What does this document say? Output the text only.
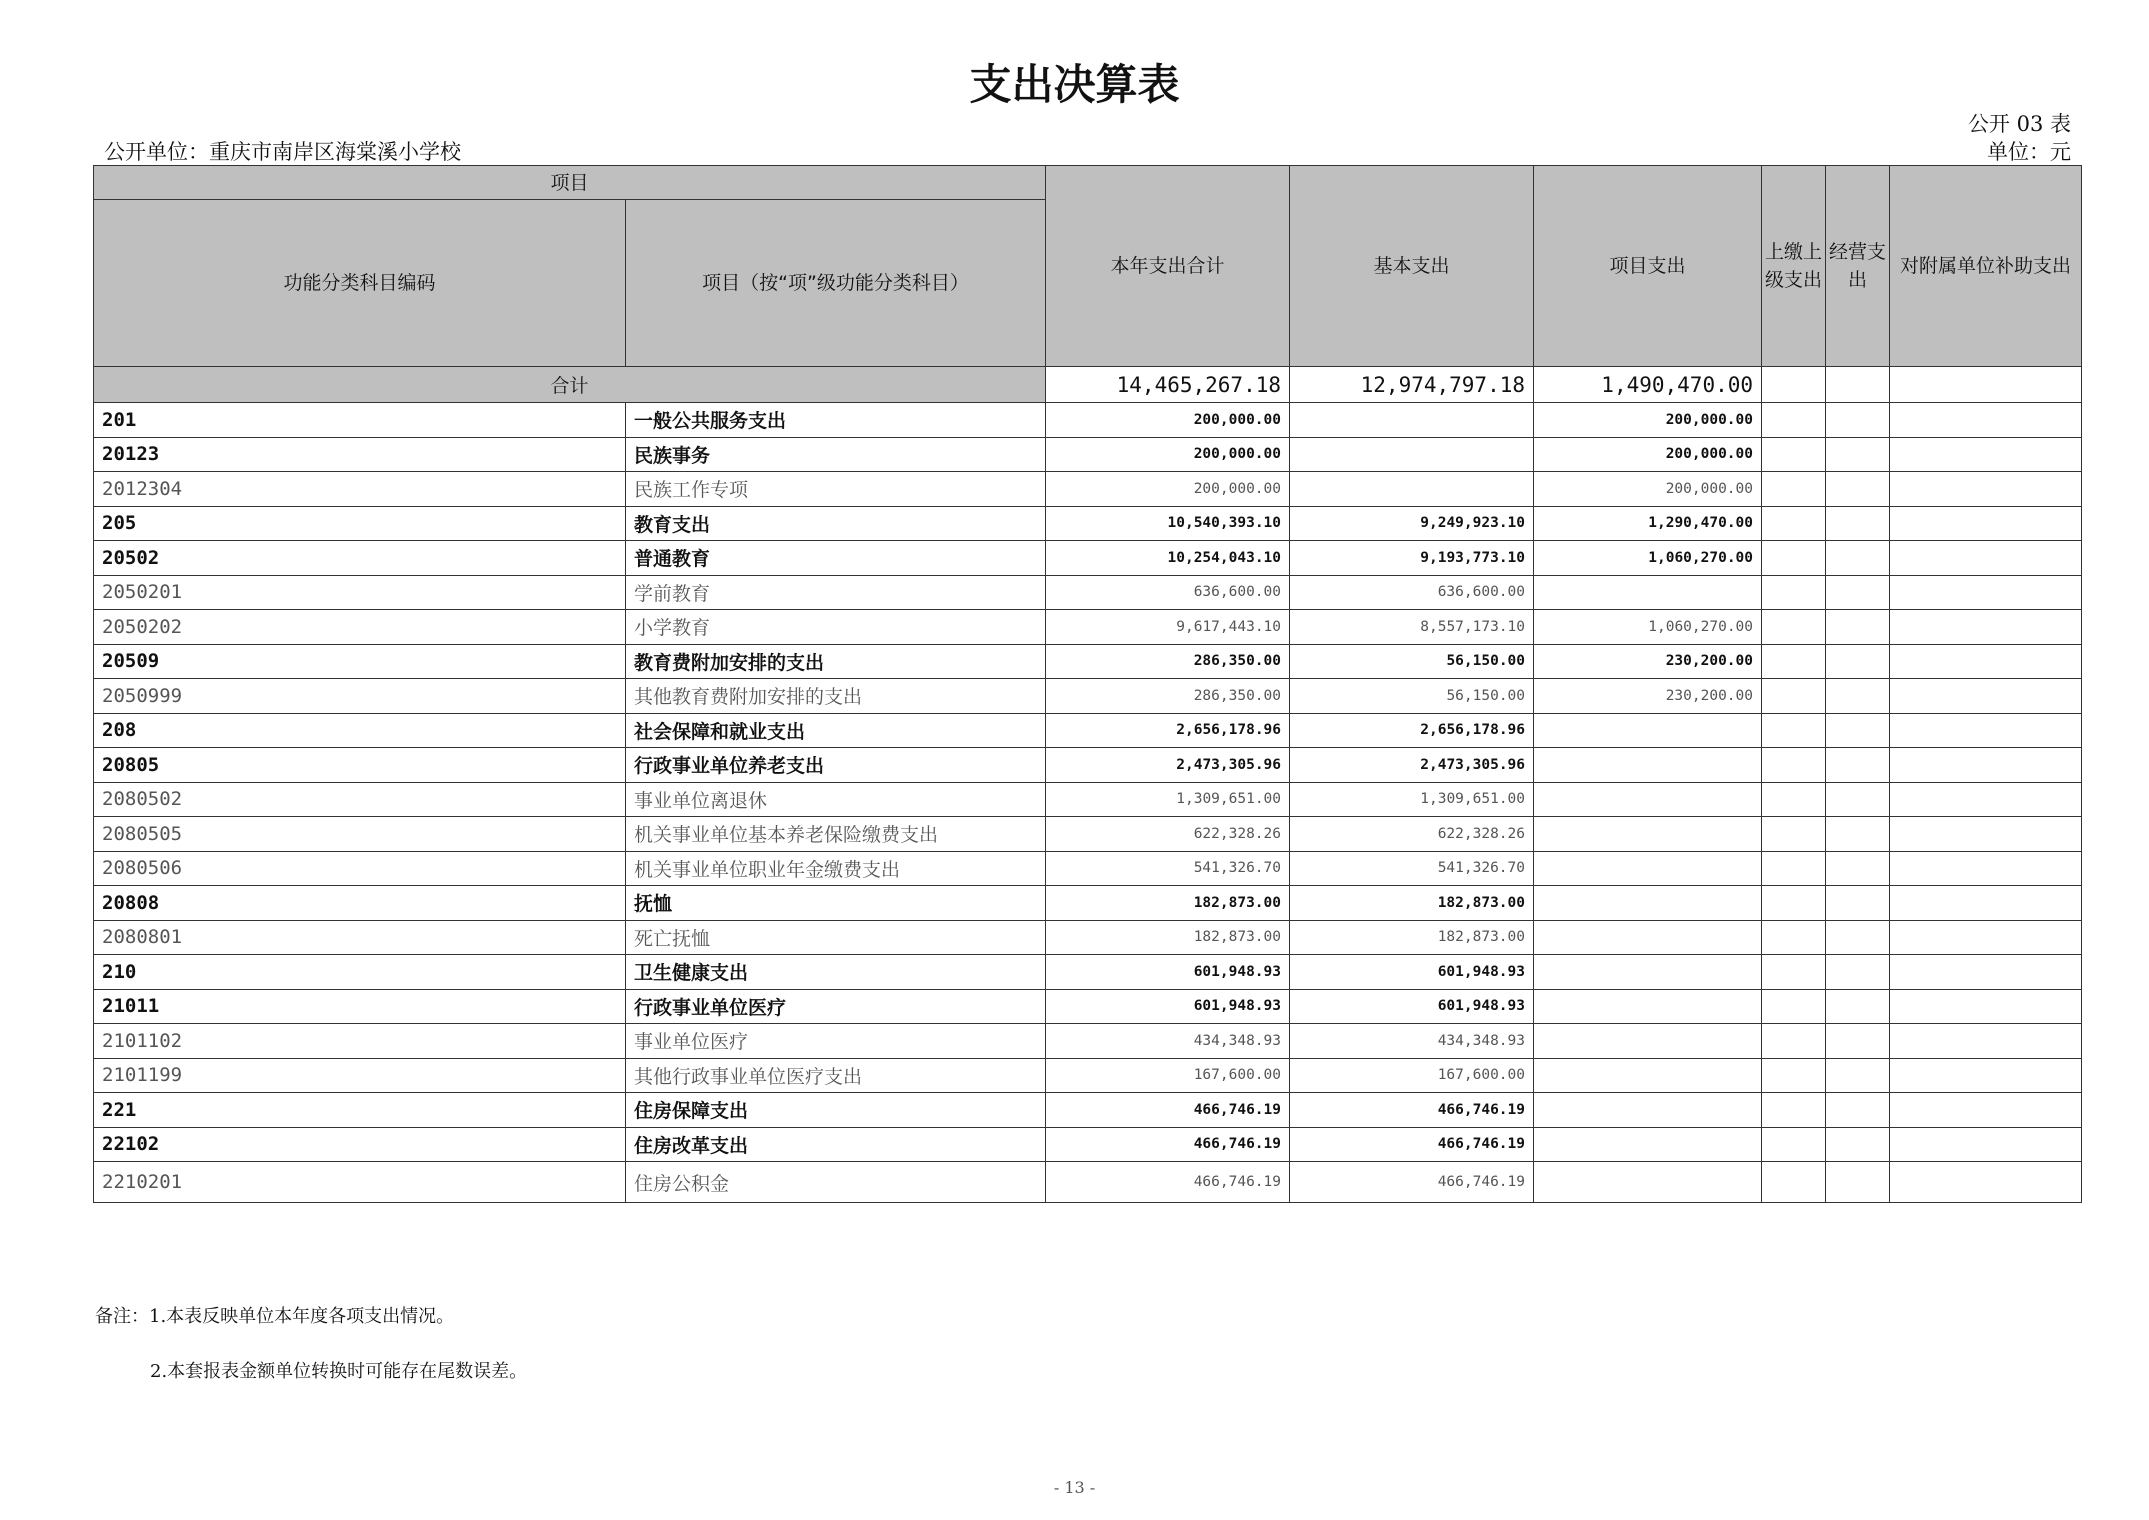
支出决算表
公开 03 表
公开单位：重庆市南岸区海棠溪小学校	单位：元
项目		本年支出合计	基本支出	项目支出	上缴上级支出	经营支出	对附属单位补助支出
功能分类科目编码	项目（按“项”级功能分类科目）						
合计		14,465,267.18	12,974,797.18	1,490,470.00			
201	一般公共服务支出	200,000.00		200,000.00			
20123	民族事务	200,000.00		200,000.00			
2012304	民族工作专项	200,000.00		200,000.00			
205	教育支出	10,540,393.10	9,249,923.10	1,290,470.00			
20502	普通教育	10,254,043.10	9,193,773.10	1,060,270.00			
2050201	学前教育	636,600.00	636,600.00				
2050202	小学教育	9,617,443.10	8,557,173.10	1,060,270.00			
20509	教育费附加安排的支出	286,350.00	56,150.00	230,200.00			
2050999	其他教育费附加安排的支出	286,350.00	56,150.00	230,200.00			
208	社会保障和就业支出	2,656,178.96	2,656,178.96				
20805	行政事业单位养老支出	2,473,305.96	2,473,305.96				
2080502	事业单位离退休	1,309,651.00	1,309,651.00				
2080505	机关事业单位基本养老保险缴费支出	622,328.26	622,328.26				
2080506	机关事业单位职业年金缴费支出	541,326.70	541,326.70				
20808	抚恤	182,873.00	182,873.00				
2080801	死亡抚恤	182,873.00	182,873.00				
210	卫生健康支出	601,948.93	601,948.93				
21011	行政事业单位医疗	601,948.93	601,948.93				
2101102	事业单位医疗	434,348.93	434,348.93				
2101199	其他行政事业单位医疗支出	167,600.00	167,600.00				
221	住房保障支出	466,746.19	466,746.19				
22102	住房改革支出	466,746.19	466,746.19				
2210201	住房公积金	466,746.19	466,746.19				
备注：1.本表反映单位本年度各项支出情况。
2.本套报表金额单位转换时可能存在尾数误差。
- 13 -
